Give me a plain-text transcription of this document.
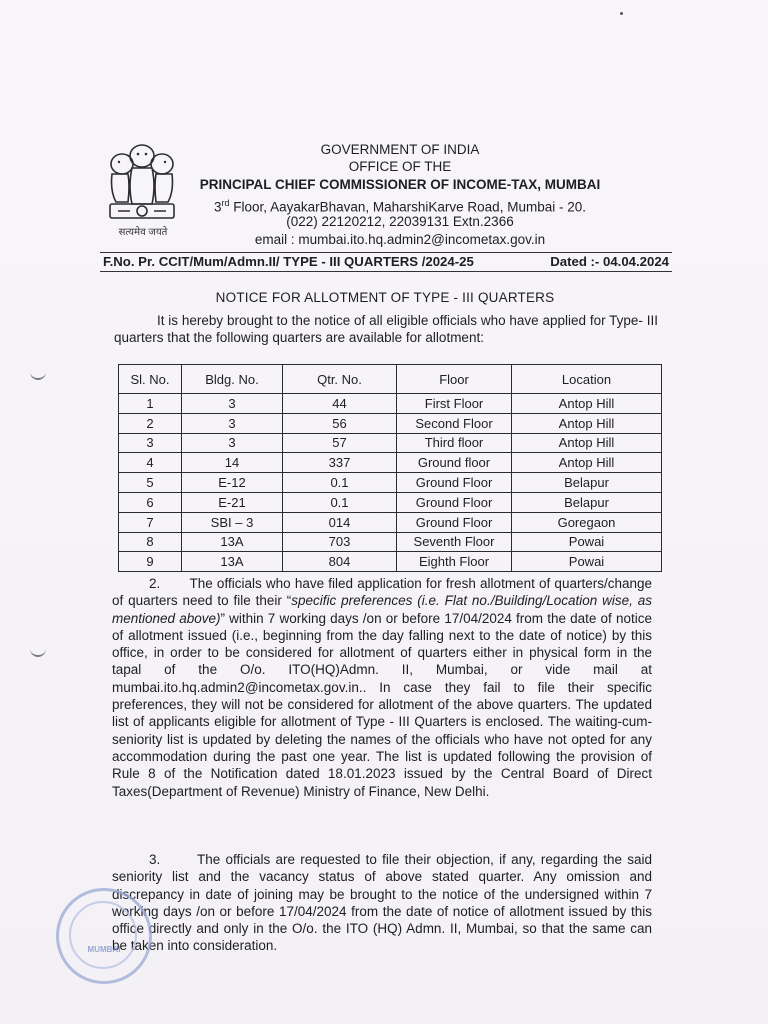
सत्यमेव जयते
GOVERNMENT OF INDIA
OFFICE OF THE
PRINCIPAL CHIEF COMMISSIONER OF INCOME-TAX, MUMBAI
3rd Floor, AayakarBhavan, MaharshiKarve Road, Mumbai - 20.
(022) 22120212, 22039131 Extn.2366
email : mumbai.ito.hq.admin2@incometax.gov.in
F.No. Pr. CCIT/Mum/Admn.II/ TYPE - III QUARTERS /2024-25	Dated :- 04.04.2024
NOTICE FOR ALLOTMENT OF TYPE - III QUARTERS
It is hereby brought to the notice of all eligible officials who have applied for Type- III quarters that the following quarters are available for allotment:
Sl. No.	Bldg. No.	Qtr. No.	Floor	Location
1	3	44	First Floor	Antop Hill
2	3	56	Second Floor	Antop Hill
3	3	57	Third floor	Antop Hill
4	14	337	Ground floor	Antop Hill
5	E-12	0.1	Ground Floor	Belapur
6	E-21	0.1	Ground Floor	Belapur
7	SBI – 3	014	Ground Floor	Goregaon
8	13A	703	Seventh Floor	Powai
9	13A	804	Eighth Floor	Powai
2. The officials who have filed application for fresh allotment of quarters/change of quarters need to file their “specific preferences (i.e. Flat no./Building/Location wise, as mentioned above)” within 7 working days /on or before 17/04/2024 from the date of notice of allotment issued (i.e., beginning from the day falling next to the date of notice) by this office, in order to be considered for allotment of quarters either in physical form in the tapal of the O/o. ITO(HQ)Admn. II, Mumbai, or vide mail at mumbai.ito.hq.admin2@incometax.gov.in.. In case they fail to file their specific preferences, they will not be considered for allotment of the above quarters. The updated list of applicants eligible for allotment of Type - III Quarters is enclosed. The waiting-cum-seniority list is updated by deleting the names of the officials who have not opted for any accommodation during the past one year. The list is updated following the provision of Rule 8 of the Notification dated 18.01.2023 issued by the Central Board of Direct Taxes(Department of Revenue) Ministry of Finance, New Delhi.
3.	The officials are requested to file their objection, if any, regarding the said seniority list and the vacancy status of above stated quarter. Any omission and discrepancy in date of joining may be brought to the notice of the undersigned within 7 working days /on or before 17/04/2024 from the date of notice of allotment issued by this office directly and only in the O/o. the ITO (HQ) Admn. II, Mumbai, so that the same can be taken into consideration.
MUMBAI
